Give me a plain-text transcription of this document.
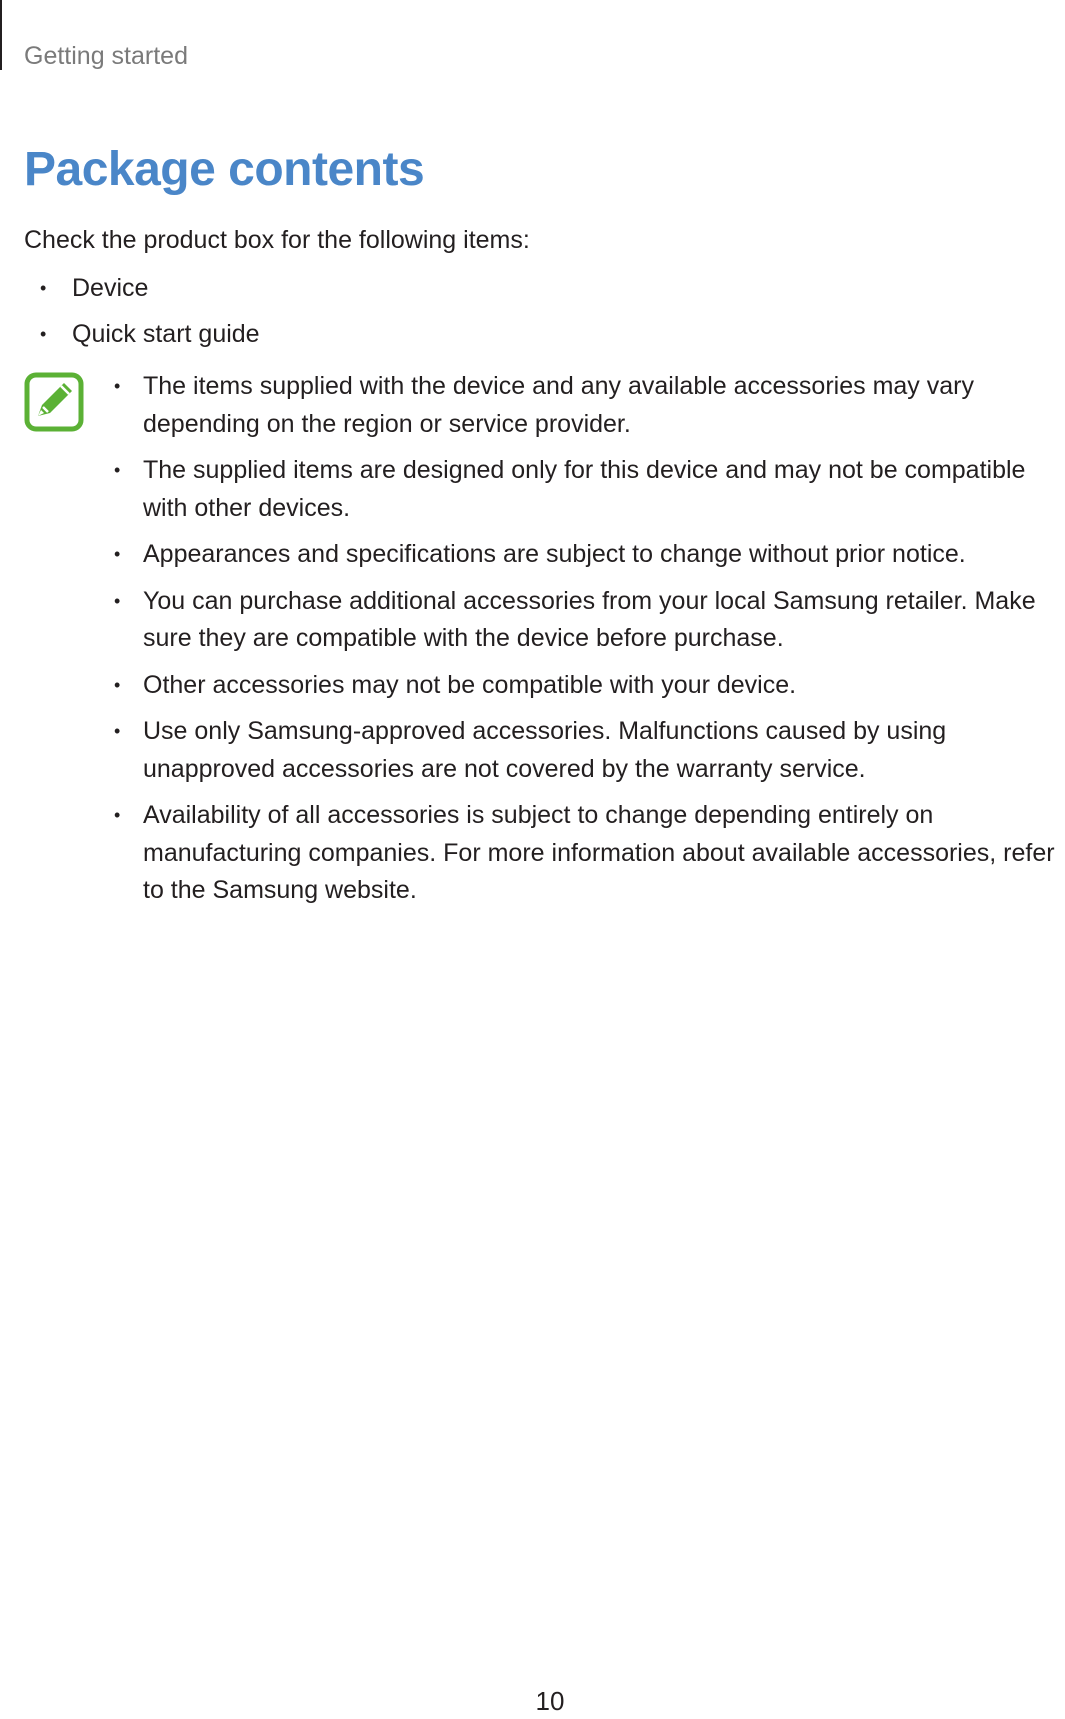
Getting started
Package contents

Check the product box for the following items:

• Device
• Quick start guide
• The items supplied with the device and any available accessories may vary depending on the region or service provider.
• The supplied items are designed only for this device and may not be compatible with other devices.
• Appearances and specifications are subject to change without prior notice.
• You can purchase additional accessories from your local Samsung retailer. Make sure they are compatible with the device before purchase.
• Other accessories may not be compatible with your device.
• Use only Samsung-approved accessories. Malfunctions caused by using unapproved accessories are not covered by the warranty service.
• Availability of all accessories is subject to change depending entirely on manufacturing companies. For more information about available accessories, refer to the Samsung website.
10
